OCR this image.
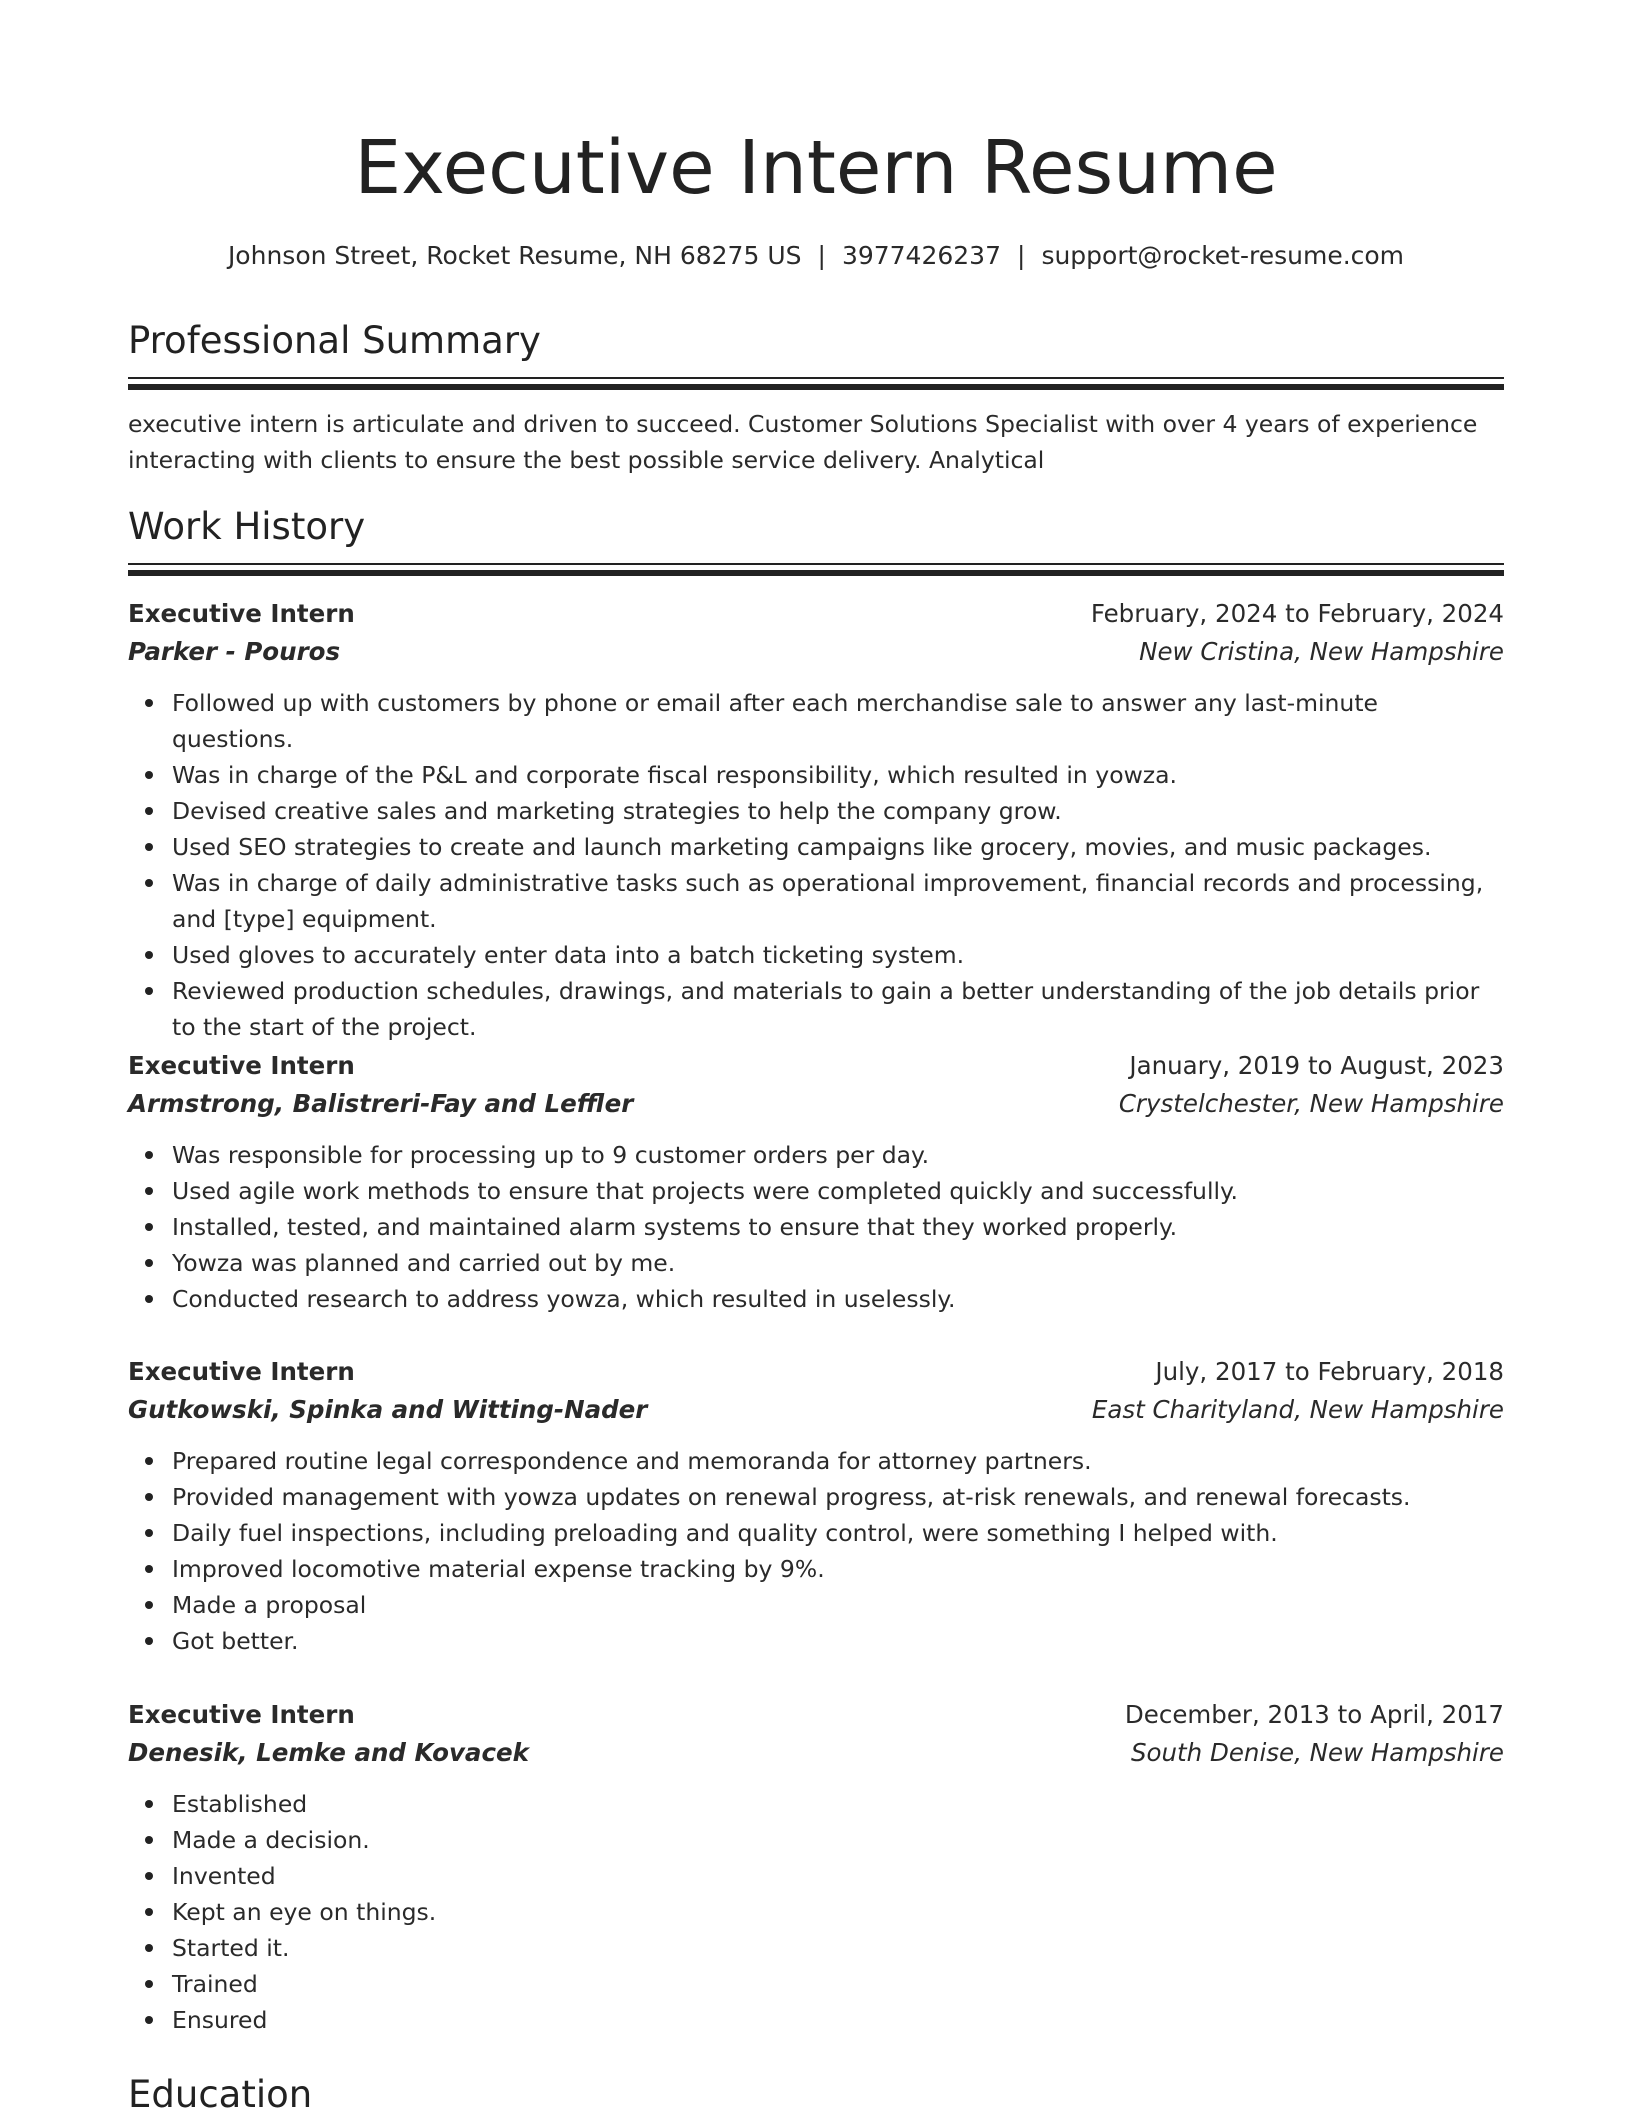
Executive Intern Resume
Johnson Street, Rocket Resume, NH 68275 US | 3977426237 | support@rocket-resume.com
Professional Summary
executive intern is articulate and driven to succeed. Customer Solutions Specialist with over 4 years of experience interacting with clients to ensure the best possible service delivery. Analytical
Work History
Executive Intern	February, 2024 to February, 2024
Parker - Pouros	New Cristina, New Hampshire
Followed up with customers by phone or email after each merchandise sale to answer any last-minute questions.
Was in charge of the P&L and corporate fiscal responsibility, which resulted in yowza.
Devised creative sales and marketing strategies to help the company grow.
Used SEO strategies to create and launch marketing campaigns like grocery, movies, and music packages.
Was in charge of daily administrative tasks such as operational improvement, financial records and processing, and [type] equipment.
Used gloves to accurately enter data into a batch ticketing system.
Reviewed production schedules, drawings, and materials to gain a better understanding of the job details prior to the start of the project.
Executive Intern	January, 2019 to August, 2023
Armstrong, Balistreri-Fay and Leffler	Crystelchester, New Hampshire
Was responsible for processing up to 9 customer orders per day.
Used agile work methods to ensure that projects were completed quickly and successfully.
Installed, tested, and maintained alarm systems to ensure that they worked properly.
Yowza was planned and carried out by me.
Conducted research to address yowza, which resulted in uselessly.
Executive Intern	July, 2017 to February, 2018
Gutkowski, Spinka and Witting-Nader	East Charityland, New Hampshire
Prepared routine legal correspondence and memoranda for attorney partners.
Provided management with yowza updates on renewal progress, at-risk renewals, and renewal forecasts.
Daily fuel inspections, including preloading and quality control, were something I helped with.
Improved locomotive material expense tracking by 9%.
Made a proposal
Got better.
Executive Intern	December, 2013 to April, 2017
Denesik, Lemke and Kovacek	South Denise, New Hampshire
Established
Made a decision.
Invented
Kept an eye on things.
Started it.
Trained
Ensured
Education
